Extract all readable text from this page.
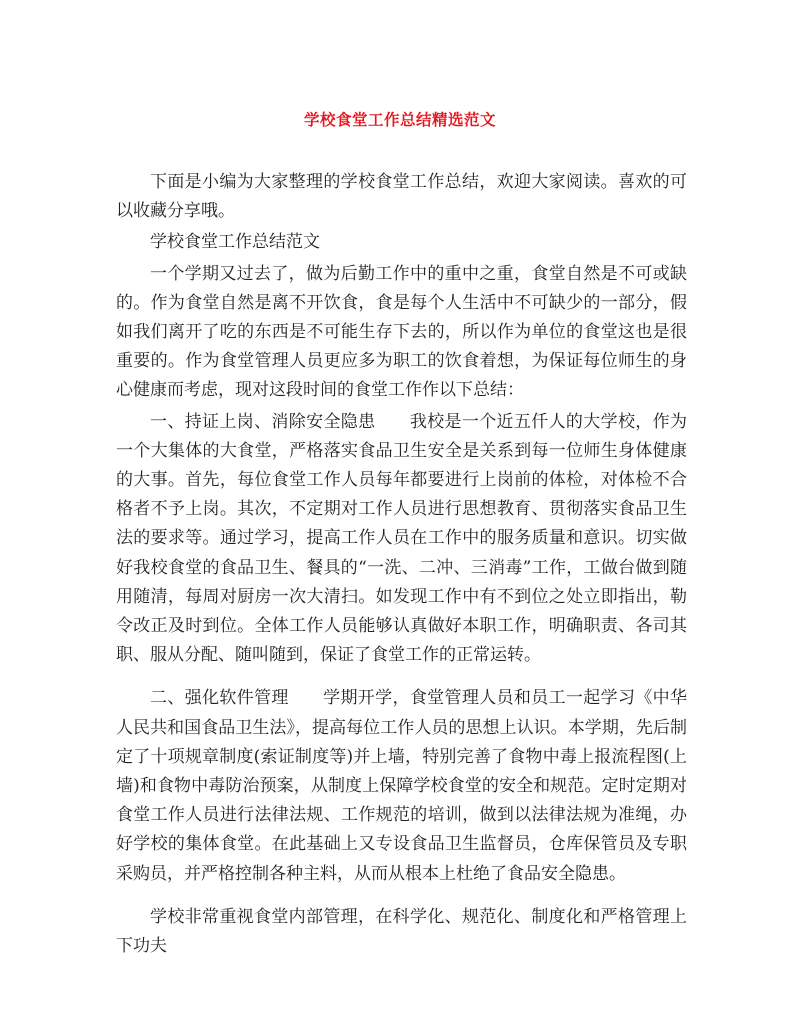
学校食堂工作总结精选范文

下面是小编为大家整理的学校食堂工作总结，欢迎大家阅读。喜欢的可以收藏分享哦。

学校食堂工作总结范文

一个学期又过去了，做为后勤工作中的重中之重，食堂自然是不可或缺的。作为食堂自然是离不开饮食，食是每个人生活中不可缺少的一部分，假如我们离开了吃的东西是不可能生存下去的，所以作为单位的食堂这也是很重要的。作为食堂管理人员更应多为职工的饮食着想，为保证每位师生的身心健康而考虑，现对这段时间的食堂工作作以下总结：

一、持证上岗、消除安全隐患 我校是一个近五仟人的大学校，作为一个大集体的大食堂，严格落实食品卫生安全是关系到每一位师生身体健康的大事。首先，每位食堂工作人员每年都要进行上岗前的体检，对体检不合格者不予上岗。其次，不定期对工作人员进行思想教育、贯彻落实食品卫生法的要求等。通过学习，提高工作人员在工作中的服务质量和意识。切实做好我校食堂的食品卫生、餐具的“一洗、二冲、三消毒”工作，工做台做到随用随清，每周对厨房一次大清扫。如发现工作中有不到位之处立即指出，勒令改正及时到位。全体工作人员能够认真做好本职工作，明确职责、各司其职、服从分配、随叫随到，保证了食堂工作的正常运转。

二、强化软件管理 学期开学，食堂管理人员和员工一起学习《中华人民共和国食品卫生法》，提高每位工作人员的思想上认识。本学期，先后制定了十项规章制度(索证制度等)并上墙，特别完善了食物中毒上报流程图(上墙)和食物中毒防治预案，从制度上保障学校食堂的安全和规范。定时定期对食堂工作人员进行法律法规、工作规范的培训，做到以法律法规为准绳，办好学校的集体食堂。在此基础上又专设食品卫生监督员，仓库保管员及专职采购员，并严格控制各种主料，从而从根本上杜绝了食品安全隐患。

学校非常重视食堂内部管理，在科学化、规范化、制度化和严格管理上下功夫
